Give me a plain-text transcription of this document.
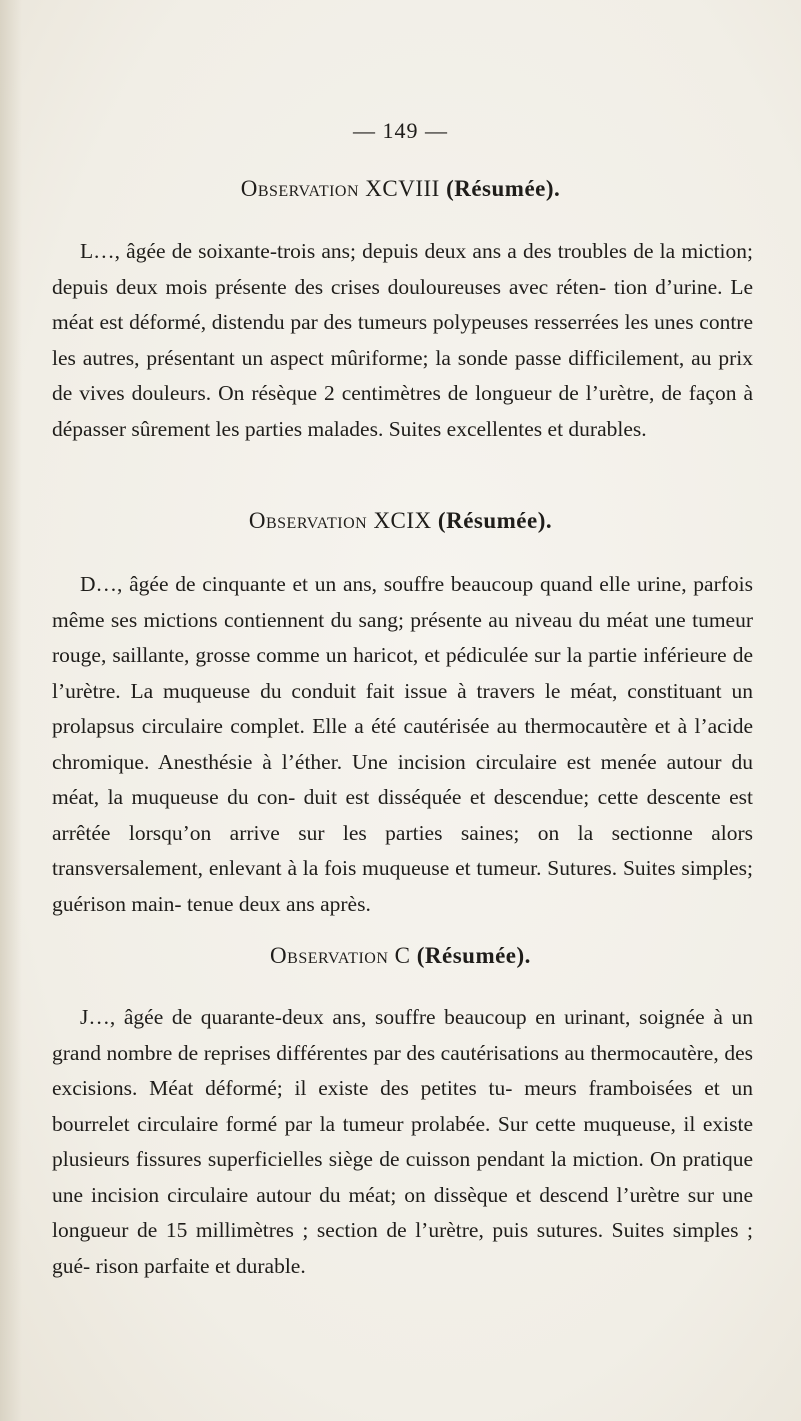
— 149 —
Observation XCVIII (Résumée).
L…, âgée de soixante-trois ans; depuis deux ans a des troubles de la miction; depuis deux mois présente des crises douloureuses avec réten- tion d’urine. Le méat est déformé, distendu par des tumeurs polypeuses resserrées les unes contre les autres, présentant un aspect mûriforme; la sonde passe difficilement, au prix de vives douleurs. On résèque 2 centimètres de longueur de l’urètre, de façon à dépasser sûrement les parties malades. Suites excellentes et durables.
Observation XCIX (Résumée).
D…, âgée de cinquante et un ans, souffre beaucoup quand elle urine, parfois même ses mictions contiennent du sang; présente au niveau du méat une tumeur rouge, saillante, grosse comme un haricot, et pédiculée sur la partie inférieure de l’urètre. La muqueuse du conduit fait issue à travers le méat, constituant un prolapsus circulaire complet. Elle a été cautérisée au thermocautère et à l’acide chromique. Anesthésie à l’éther. Une incision circulaire est menée autour du méat, la muqueuse du con- duit est disséquée et descendue; cette descente est arrêtée lorsqu’on arrive sur les parties saines; on la sectionne alors transversalement, enlevant à la fois muqueuse et tumeur. Sutures. Suites simples; guérison main- tenue deux ans après.
Observation C (Résumée).
J…, âgée de quarante-deux ans, souffre beaucoup en urinant, soignée à un grand nombre de reprises différentes par des cautérisations au thermocautère, des excisions. Méat déformé; il existe des petites tu- meurs framboisées et un bourrelet circulaire formé par la tumeur prolabée. Sur cette muqueuse, il existe plusieurs fissures superficielles siège de cuisson pendant la miction. On pratique une incision circulaire autour du méat; on dissèque et descend l’urètre sur une longueur de 15 millimètres ; section de l’urètre, puis sutures. Suites simples ; gué- rison parfaite et durable.
